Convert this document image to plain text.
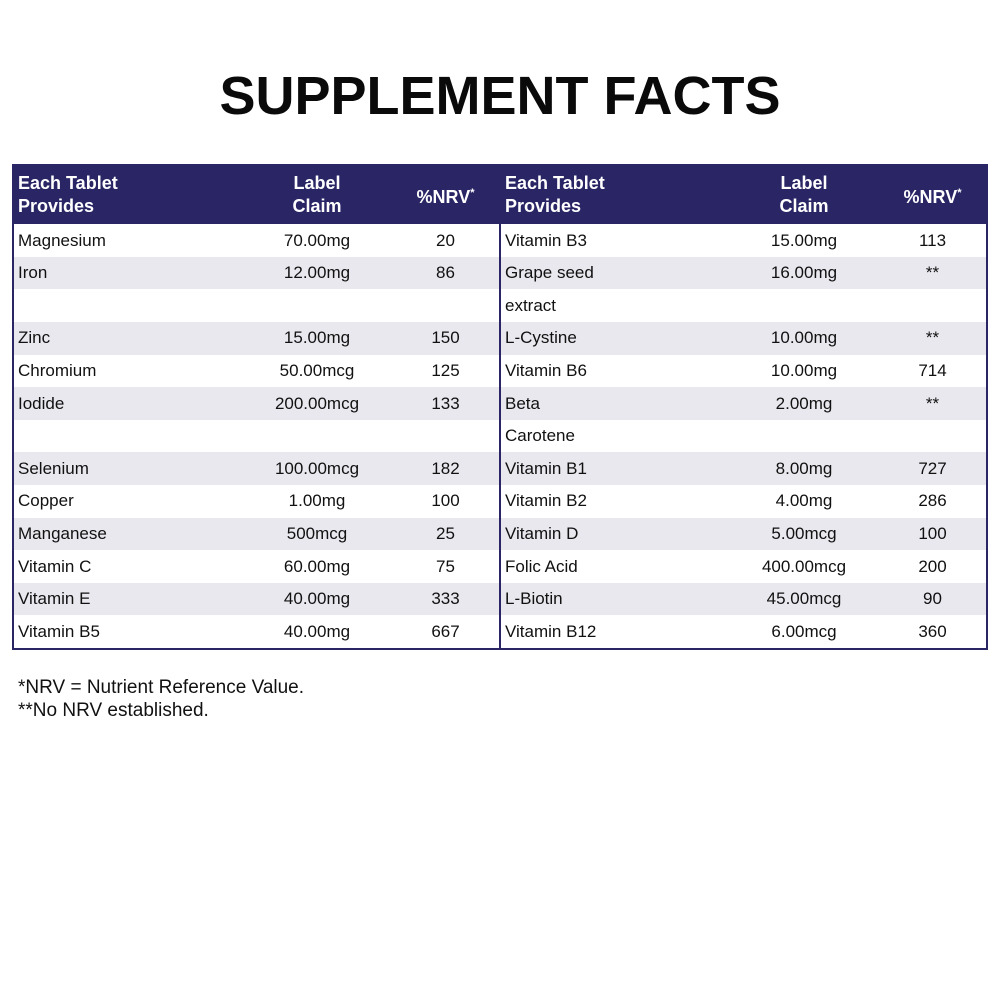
SUPPLEMENT FACTS
Each Tablet
Provides
Label
Claim	%NRV*
Magnesium	70.00mg	20
Iron	12.00mg	86
Zinc	15.00mg	150
Chromium	50.00mcg	125
Iodide	200.00mcg	133
Selenium	100.00mcg	182
Copper	1.00mg	100
Manganese	500mcg	25
Vitamin C	60.00mg	75
Vitamin E	40.00mg	333
Vitamin B5	40.00mg	667
Each Tablet
Provides
Label
Claim	%NRV*
Vitamin B3	15.00mg	113
Grape seed	16.00mg	**
extract
L-Cystine	10.00mg	**
Vitamin B6	10.00mg	714
Beta	2.00mg	**
Carotene
Vitamin B1	8.00mg	727
Vitamin B2	4.00mg	286
Vitamin D	5.00mcg	100
Folic Acid	400.00mcg	200
L-Biotin	45.00mcg	90
Vitamin B12	6.00mcg	360
*NRV = Nutrient Reference Value.
**No NRV established.
